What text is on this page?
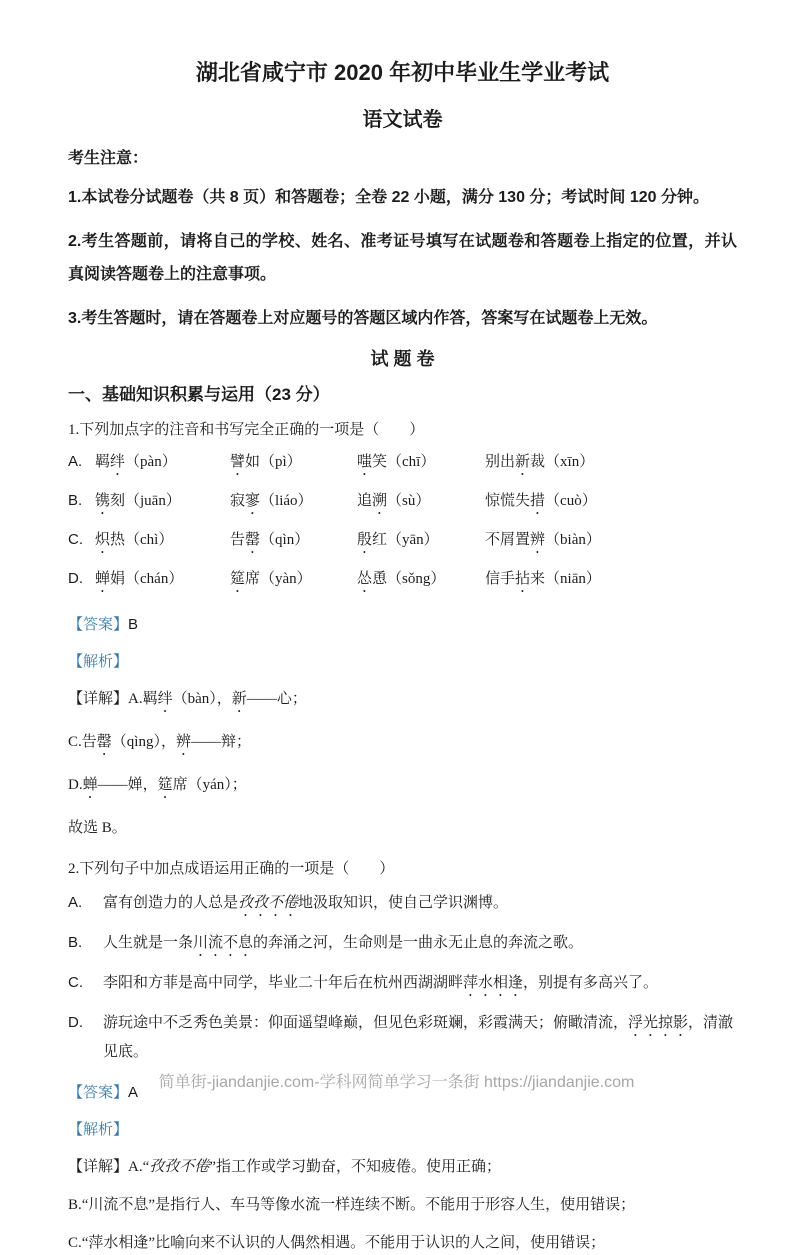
湖北省咸宁市 2020 年初中毕业生学业考试
语文试卷

考生注意：

1.本试卷分试题卷（共 8 页）和答题卷；全卷 22 小题，满分 130 分；考试时间 120 分钟。

2.考生答题前，请将自己的学校、姓名、准考证号填写在试题卷和答题卷上指定的位置，并认真阅读答题卷上的注意事项。

3.考生答题时，请在答题卷上对应题号的答题区域内作答，答案写在试题卷上无效。

试 题 卷

一、基础知识积累与运用（23 分）

1.下列加点字的注音和书写完全正确的一项是（　　）

A. 羁绊（pàn）	譬如（pì）	嗤笑（chī）	别出新裁（xīn）
B. 镌刻（juān）	寂寥（liáo）	追溯（sù）	惊慌失措（cuò）
C. 炽热（chì）	告罄（qìn）	殷红（yān）	不屑置辨（biàn）
D. 蝉娟（chán）	筵席（yàn）	怂恿（sǒng）	信手拈来（niān）

【答案】B

【解析】

【详解】A.羁绊（bàn），新——心；

C.告罄（qìng），辨——辩；

D.蝉——婵，筵席（yán）；

故选 B。

2.下列句子中加点成语运用正确的一项是（　　）

A.	富有创造力的人总是孜孜不倦地汲取知识，使自己学识渊博。
B.	人生就是一条川流不息的奔涌之河，生命则是一曲永无止息的奔流之歌。
C.	李阳和方菲是高中同学，毕业二十年后在杭州西湖湖畔萍水相逢，别提有多高兴了。
D.	游玩途中不乏秀色美景：仰面遥望峰巅，但见色彩斑斓，彩霞满天；俯瞰清流，浮光掠影，清澈见底。

【答案】A

【解析】

【详解】A.“孜孜不倦”指工作或学习勤奋，不知疲倦。使用正确；

B.“川流不息”是指行人、车马等像水流一样连续不断。不能用于形容人生，使用错误；

C.“萍水相逢”比喻向来不认识的人偶然相遇。不能用于认识的人之间，使用错误；

简单街-jiandanjie.com-学科网简单学习一条街 https://jiandanjie.com
